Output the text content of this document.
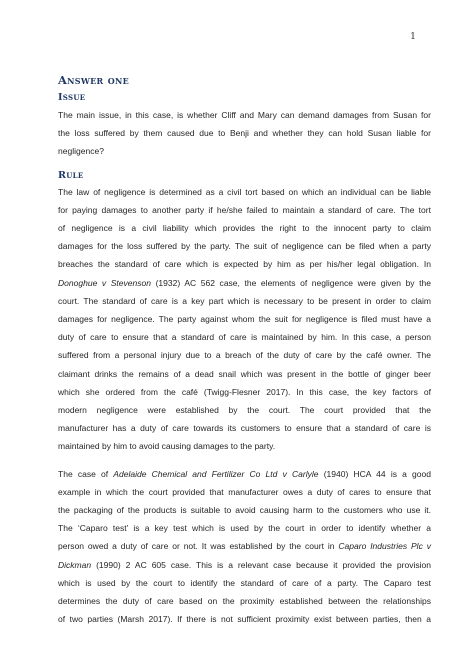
1
Answer one
Issue

The main issue, in this case, is whether Cliff and Mary can demand damages from Susan for
the loss suffered by them caused due to Benji and whether they can hold Susan liable for
negligence?

Rule

The law of negligence is determined as a civil tort based on which an individual can be liable
for paying damages to another party if he/she failed to maintain a standard of care. The tort
of negligence is a civil liability which provides the right to the innocent party to claim
damages for the loss suffered by the party. The suit of negligence can be filed when a party
breaches the standard of care which is expected by him as per his/her legal obligation. In
Donoghue v Stevenson (1932) AC 562 case, the elements of negligence were given by the
court. The standard of care is a key part which is necessary to be present in order to claim
damages for negligence. The party against whom the suit for negligence is filed must have a
duty of care to ensure that a standard of care is maintained by him. In this case, a person
suffered from a personal injury due to a breach of the duty of care by the café owner. The
claimant drinks the remains of a dead snail which was present in the bottle of ginger beer
which she ordered from the café (Twigg-Flesner 2017). In this case, the key factors of
modern negligence were established by the court. The court provided that the
manufacturer has a duty of care towards its customers to ensure that a standard of care is
maintained by him to avoid causing damages to the party.

The case of Adelaide Chemical and Fertilizer Co Ltd v Carlyle (1940) HCA 44 is a good
example in which the court provided that manufacturer owes a duty of cares to ensure that
the packaging of the products is suitable to avoid causing harm to the customers who use it.
The ‘Caparo test’ is a key test which is used by the court in order to identify whether a
person owed a duty of care or not. It was established by the court in Caparo Industries Plc v
Dickman (1990) 2 AC 605 case. This is a relevant case because it provided the provision
which is used by the court to identify the standard of care of a party. The Caparo test
determines the duty of care based on the proximity established between the relationships
of two parties (Marsh 2017). If there is not sufficient proximity exist between parties, then a
